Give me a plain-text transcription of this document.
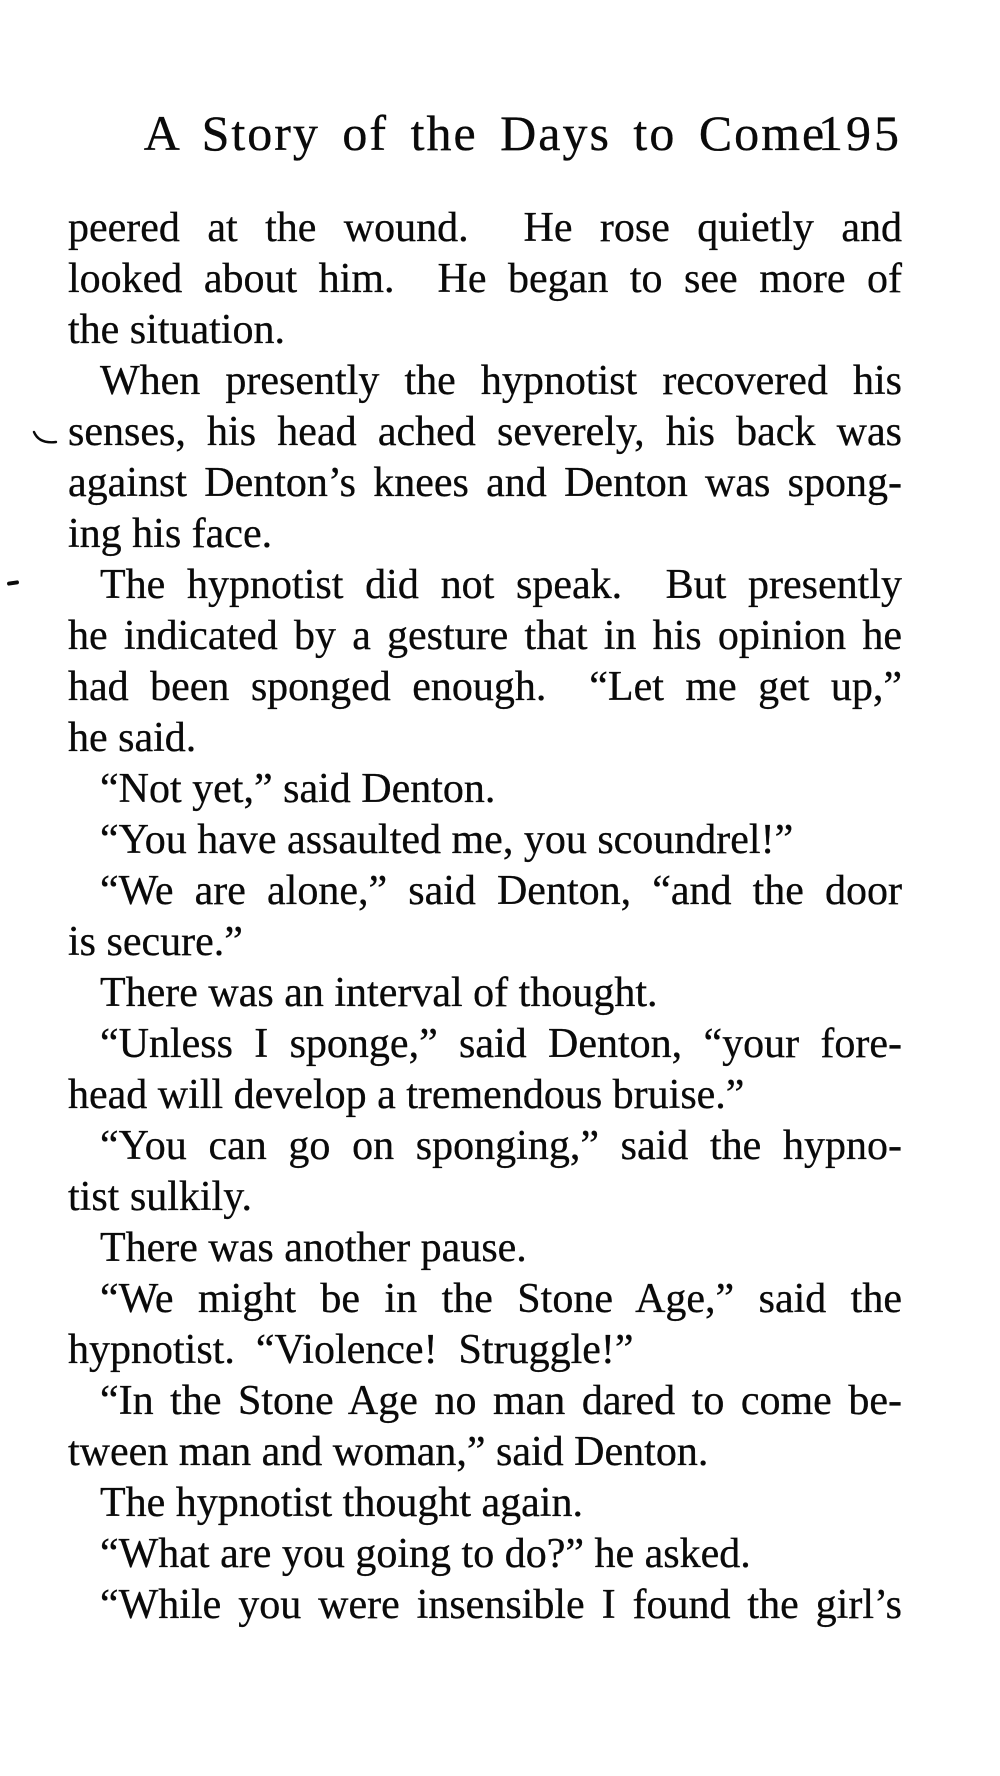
A Story of the Days to Come
195
peered at the wound.  He rose quietly and
looked about him.  He began to see more of
the situation.
When presently the hypnotist recovered his
senses, his head ached severely, his back was
against Denton’s knees and Denton was spong-
ing his face.
The hypnotist did not speak.  But presently
he indicated by a gesture that in his opinion he
had been sponged enough.  “Let me get up,”
he said.
“Not yet,” said Denton.
“You have assaulted me, you scoundrel!”
“We are alone,” said Denton, “and the door
is secure.”
There was an interval of thought.
“Unless I sponge,” said Denton, “your fore-
head will develop a tremendous bruise.”
“You can go on sponging,” said the hypno-
tist sulkily.
There was another pause.
“We might be in the Stone Age,” said the
hypnotist.  “Violence!  Struggle!”
“In the Stone Age no man dared to come be-
tween man and woman,” said Denton.
The hypnotist thought again.
“What are you going to do?” he asked.
“While you were insensible I found the girl’s
